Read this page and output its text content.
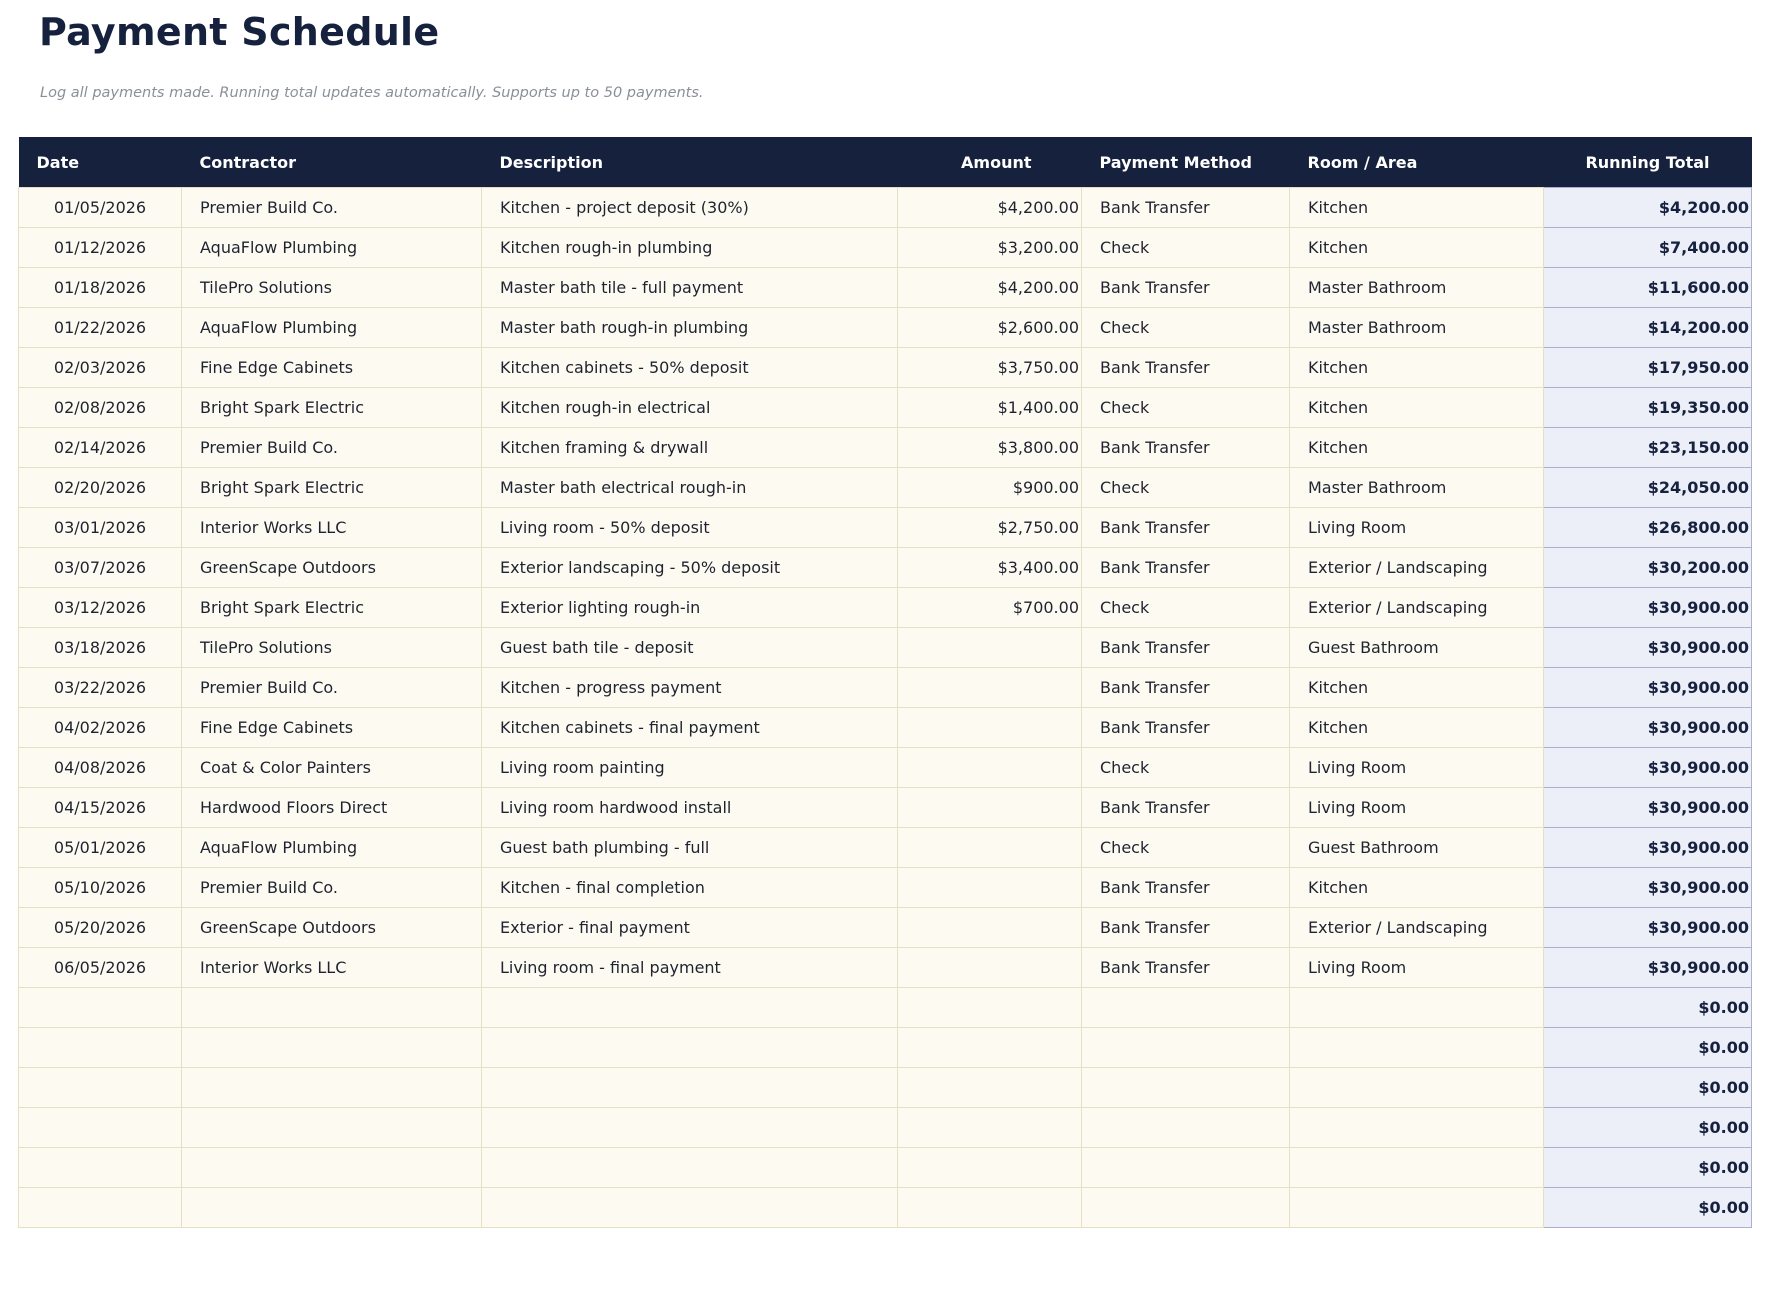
Payment Schedule

Log all payments made. Running total updates automatically. Supports up to 50 payments.

Date	Contractor	Description	Amount	Payment Method	Room / Area	Running Total
01/05/2026	Premier Build Co.	Kitchen - project deposit (30%)	$4,200.00	Bank Transfer	Kitchen	$4,200.00
01/12/2026	AquaFlow Plumbing	Kitchen rough-in plumbing	$3,200.00	Check	Kitchen	$7,400.00
01/18/2026	TilePro Solutions	Master bath tile - full payment	$4,200.00	Bank Transfer	Master Bathroom	$11,600.00
01/22/2026	AquaFlow Plumbing	Master bath rough-in plumbing	$2,600.00	Check	Master Bathroom	$14,200.00
02/03/2026	Fine Edge Cabinets	Kitchen cabinets - 50% deposit	$3,750.00	Bank Transfer	Kitchen	$17,950.00
02/08/2026	Bright Spark Electric	Kitchen rough-in electrical	$1,400.00	Check	Kitchen	$19,350.00
02/14/2026	Premier Build Co.	Kitchen framing & drywall	$3,800.00	Bank Transfer	Kitchen	$23,150.00
02/20/2026	Bright Spark Electric	Master bath electrical rough-in	$900.00	Check	Master Bathroom	$24,050.00
03/01/2026	Interior Works LLC	Living room - 50% deposit	$2,750.00	Bank Transfer	Living Room	$26,800.00
03/07/2026	GreenScape Outdoors	Exterior landscaping - 50% deposit	$3,400.00	Bank Transfer	Exterior / Landscaping	$30,200.00
03/12/2026	Bright Spark Electric	Exterior lighting rough-in	$700.00	Check	Exterior / Landscaping	$30,900.00
03/18/2026	TilePro Solutions	Guest bath tile - deposit		Bank Transfer	Guest Bathroom	$30,900.00
03/22/2026	Premier Build Co.	Kitchen - progress payment		Bank Transfer	Kitchen	$30,900.00
04/02/2026	Fine Edge Cabinets	Kitchen cabinets - final payment		Bank Transfer	Kitchen	$30,900.00
04/08/2026	Coat & Color Painters	Living room painting		Check	Living Room	$30,900.00
04/15/2026	Hardwood Floors Direct	Living room hardwood install		Bank Transfer	Living Room	$30,900.00
05/01/2026	AquaFlow Plumbing	Guest bath plumbing - full		Check	Guest Bathroom	$30,900.00
05/10/2026	Premier Build Co.	Kitchen - final completion		Bank Transfer	Kitchen	$30,900.00
05/20/2026	GreenScape Outdoors	Exterior - final payment		Bank Transfer	Exterior / Landscaping	$30,900.00
06/05/2026	Interior Works LLC	Living room - final payment		Bank Transfer	Living Room	$30,900.00
						$0.00
						$0.00
						$0.00
						$0.00
						$0.00
						$0.00
